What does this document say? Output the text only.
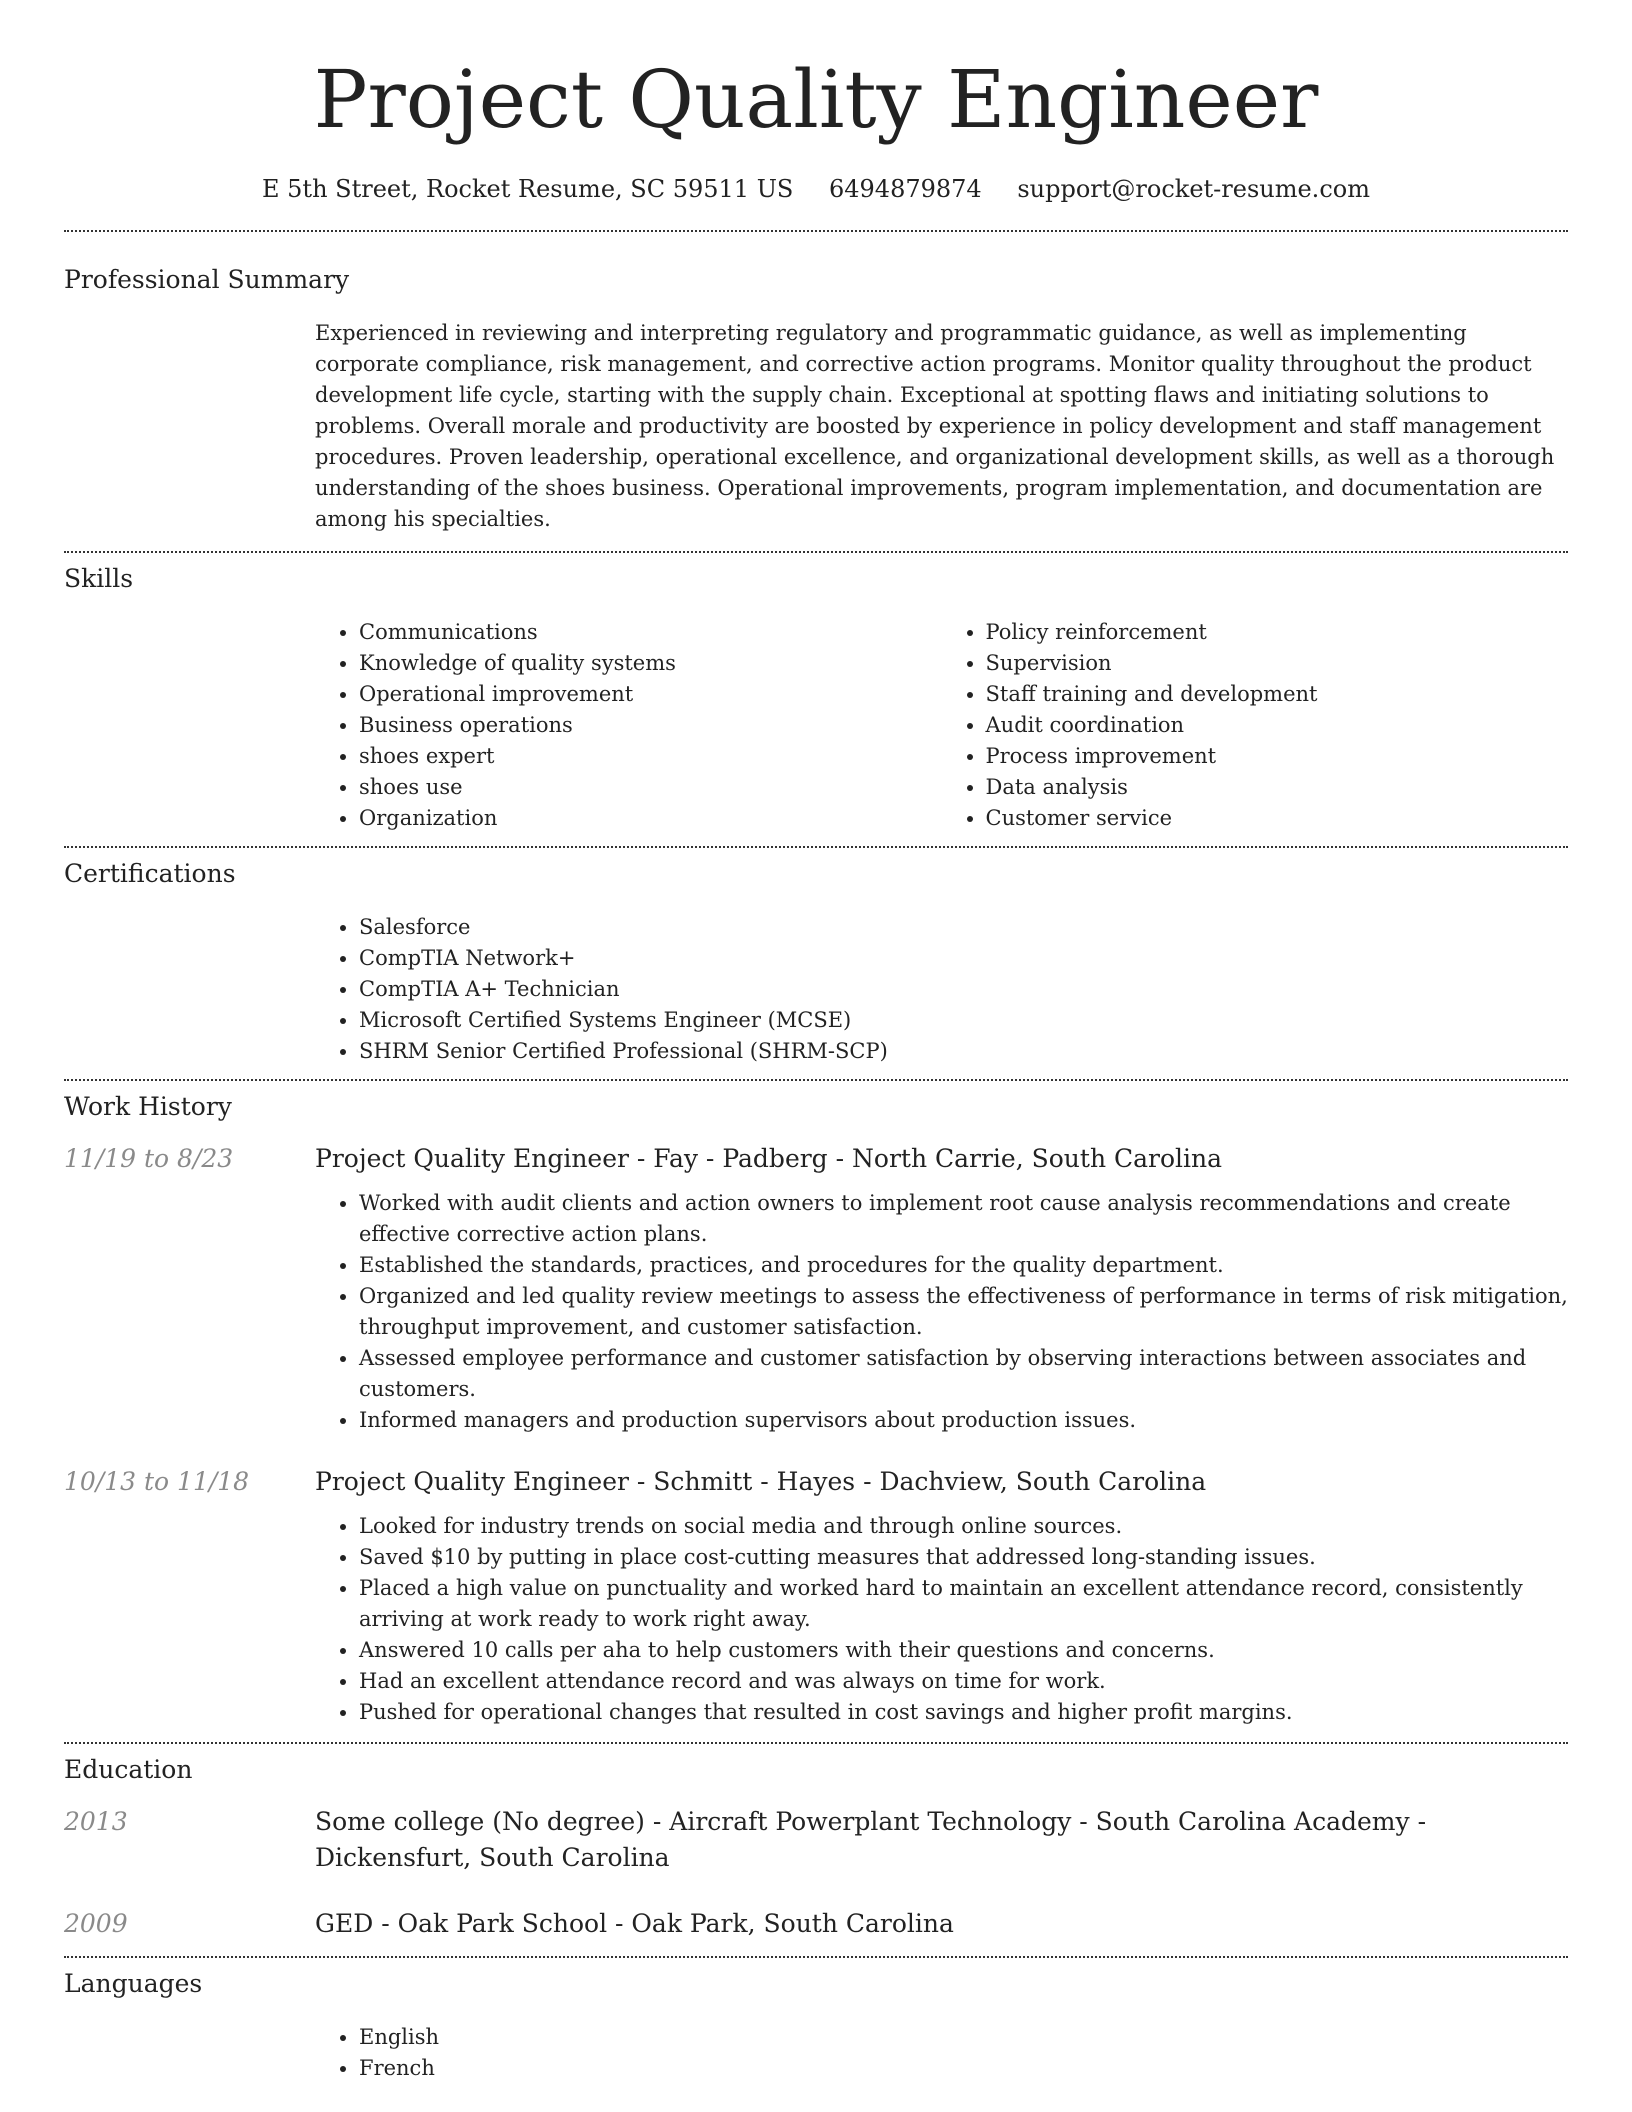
Project Quality Engineer
E 5th Street, Rocket Resume, SC 59511 US 6494879874 support@rocket-resume.com
Professional Summary
Experienced in reviewing and interpreting regulatory and programmatic guidance, as well as implementing corporate compliance, risk management, and corrective action programs. Monitor quality throughout the product development life cycle, starting with the supply chain. Exceptional at spotting flaws and initiating solutions to problems. Overall morale and productivity are boosted by experience in policy development and staff management procedures. Proven leadership, operational excellence, and organizational development skills, as well as a thorough understanding of the shoes business. Operational improvements, program implementation, and documentation are among his specialties.
Skills
• Communications
• Knowledge of quality systems
• Operational improvement
• Business operations
• shoes expert
• shoes use
• Organization
• Policy reinforcement
• Supervision
• Staff training and development
• Audit coordination
• Process improvement
• Data analysis
• Customer service
Certifications
• Salesforce
• CompTIA Network+
• CompTIA A+ Technician
• Microsoft Certified Systems Engineer (MCSE)
• SHRM Senior Certified Professional (SHRM-SCP)
Work History
11/19 to 8/23	Project Quality Engineer - Fay - Padberg - North Carrie, South Carolina
• Worked with audit clients and action owners to implement root cause analysis recommendations and create effective corrective action plans.
• Established the standards, practices, and procedures for the quality department.
• Organized and led quality review meetings to assess the effectiveness of performance in terms of risk mitigation, throughput improvement, and customer satisfaction.
• Assessed employee performance and customer satisfaction by observing interactions between associates and customers.
• Informed managers and production supervisors about production issues.
10/13 to 11/18	Project Quality Engineer - Schmitt - Hayes - Dachview, South Carolina
• Looked for industry trends on social media and through online sources.
• Saved $10 by putting in place cost-cutting measures that addressed long-standing issues.
• Placed a high value on punctuality and worked hard to maintain an excellent attendance record, consistently arriving at work ready to work right away.
• Answered 10 calls per aha to help customers with their questions and concerns.
• Had an excellent attendance record and was always on time for work.
• Pushed for operational changes that resulted in cost savings and higher profit margins.
Education
2013	Some college (No degree) - Aircraft Powerplant Technology - South Carolina Academy - Dickensfurt, South Carolina
2009	GED - Oak Park School - Oak Park, South Carolina
Languages
• English
• French
